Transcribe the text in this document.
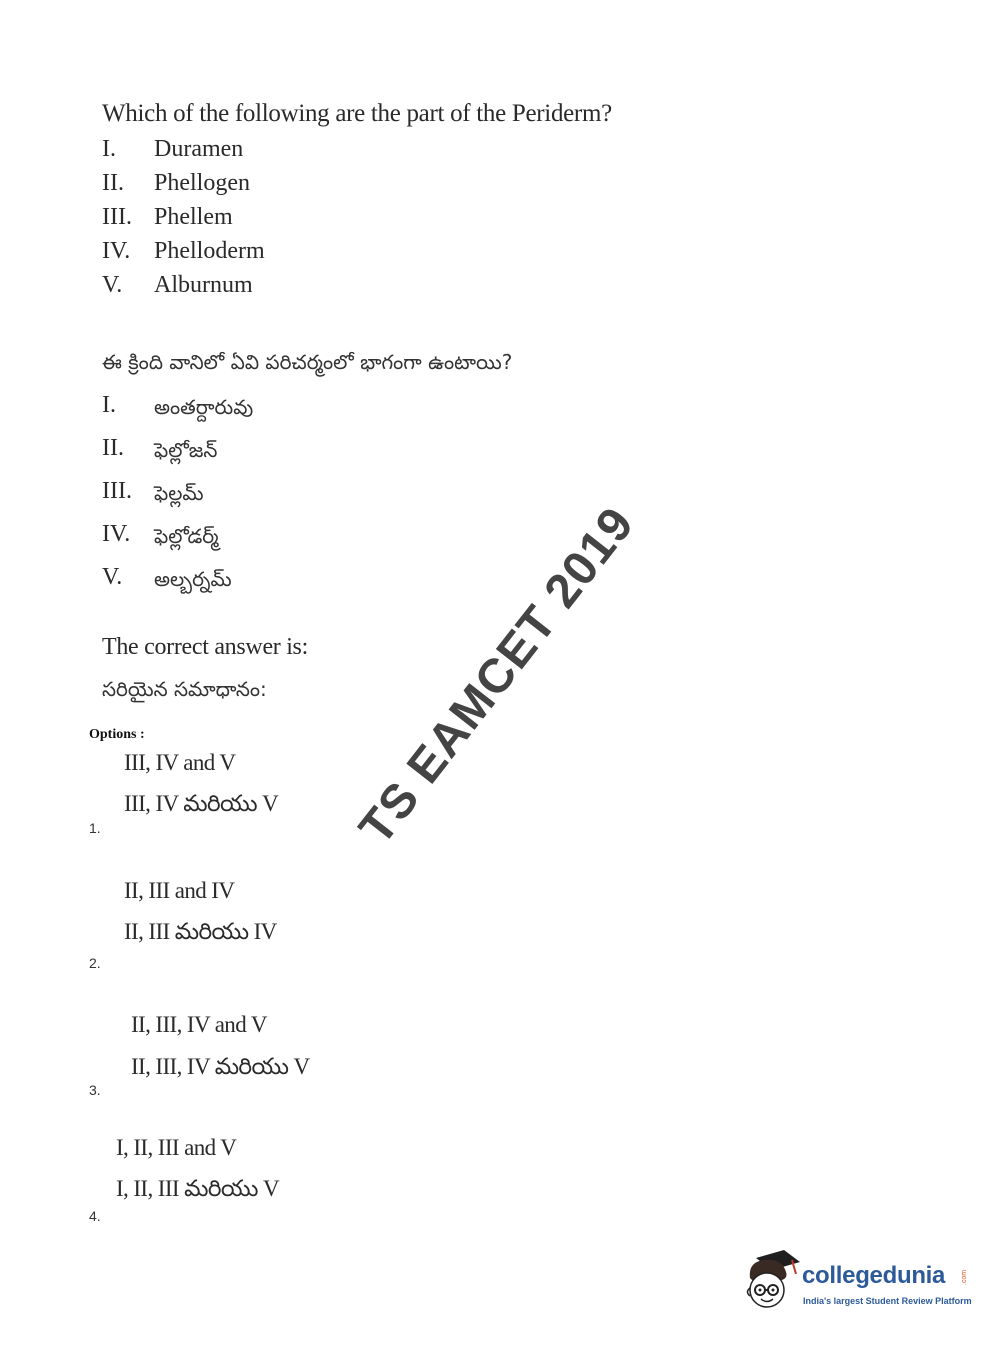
Which of the following are the part of the Periderm?
I. Duramen
II. Phellogen
III. Phellem
IV. Phelloderm
V. Alburnum
ఈ క్రింది వానిలో ఏవి పరిచర్మంలో భాగంగా ఉంటాయి?
I. అంతర్దారువు
II. ఫెల్లోజన్
III. ఫెల్లమ్
IV. ఫెల్లోడర్మ్
V. అల్బర్నమ్
The correct answer is:
సరియైన సమాధానం:
Options :
III, IV and V
III, IV మరియు V
1.
II, III and IV
II, III మరియు IV
2.
II, III, IV and V
II, III, IV మరియు V
3.
I, II, III and V
I, II, III మరియు V
4.
TS EAMCET 2019
collegedunia .com
India's largest Student Review Platform
